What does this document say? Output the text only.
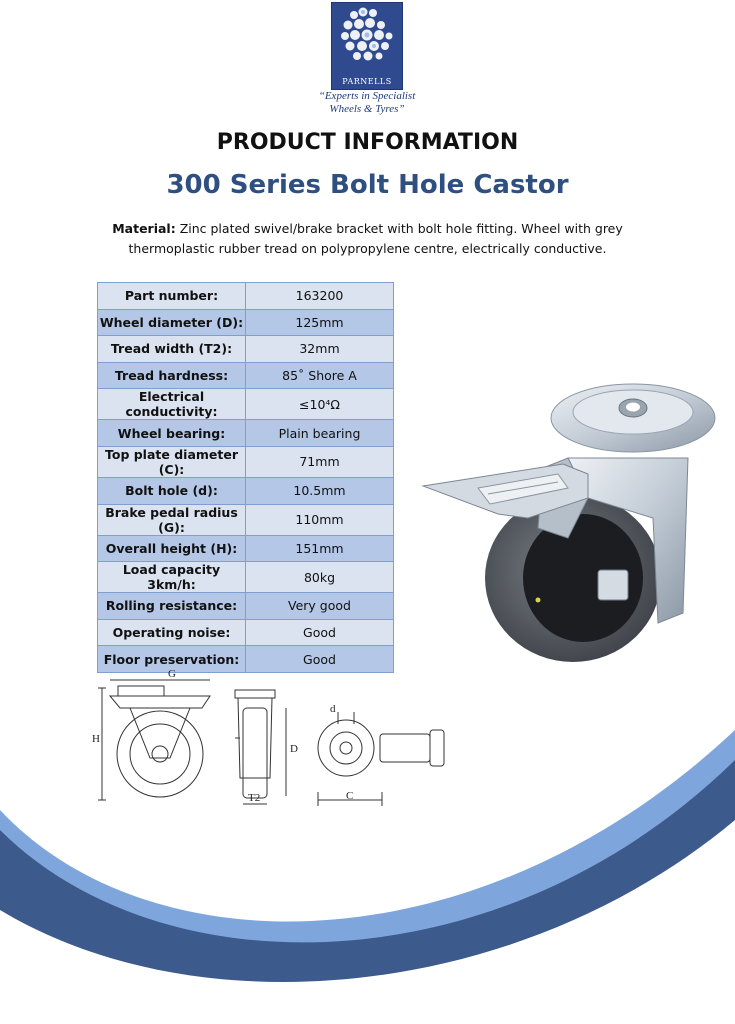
PARNELLS
“Experts in Specialist
Wheels & Tyres”
PRODUCT INFORMATION
300 Series Bolt Hole Castor
Material: Zinc plated swivel/brake bracket with bolt hole fitting. Wheel with grey thermoplastic rubber tread on polypropylene centre, electrically conductive.
Part number:	163200
Wheel diameter (D):	125mm
Tread width (T2):	32mm
Tread hardness:	85˚ Shore A
Electrical conductivity:	≤10⁴Ω
Wheel bearing:	Plain bearing
Top plate diameter (C):	71mm
Bolt hole (d):	10.5mm
Brake pedal radius (G):	110mm
Overall height (H):	151mm
Load capacity 3km/h:	80kg
Rolling resistance:	Very good
Operating noise:	Good
Floor preservation:	Good
G
H
D
T2
d
C
